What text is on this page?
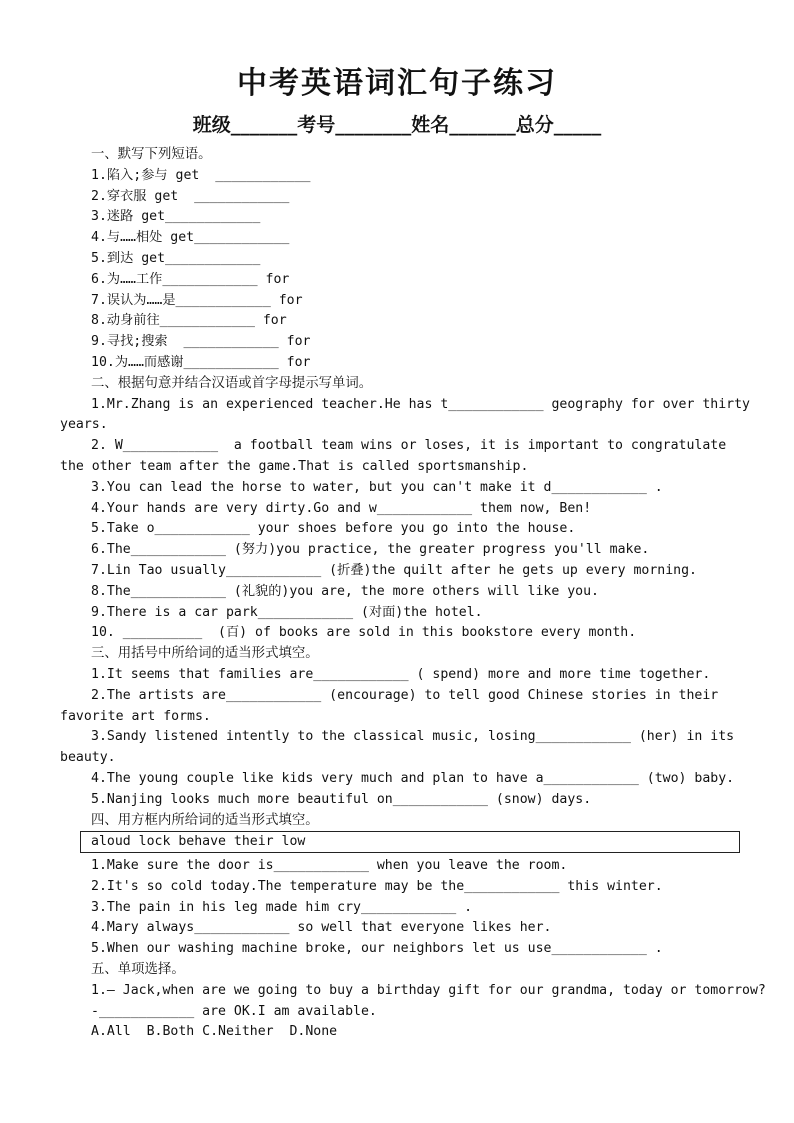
中考英语词汇句子练习
班级_______考号________姓名_______总分_____
一、默写下列短语。
1.陷入;参与 get  ____________
2.穿衣服 get  ____________
3.迷路 get____________
4.与……相处 get____________
5.到达 get____________
6.为……工作____________ for
7.误认为……是____________ for
8.动身前往____________ for
9.寻找;搜索  ____________ for
10.为……而感谢____________ for
二、根据句意并结合汉语或首字母提示写单词。
1.Mr.Zhang is an experienced teacher.He has t____________ geography for over thirty
years.
2. W____________  a football team wins or loses, it is important to congratulate
the other team after the game.That is called sportsmanship.
3.You can lead the horse to water, but you can't make it d____________ .
4.Your hands are very dirty.Go and w____________ them now, Ben!
5.Take o____________ your shoes before you go into the house.
6.The____________ (努力)you practice, the greater progress you'll make.
7.Lin Tao usually____________ (折叠)the quilt after he gets up every morning.
8.The____________ (礼貌的)you are, the more others will like you.
9.There is a car park____________ (对面)the hotel.
10. __________  (百) of books are sold in this bookstore every month.
三、用括号中所给词的适当形式填空。
1.It seems that families are____________ ( spend) more and more time together.
2.The artists are____________ (encourage) to tell good Chinese stories in their
favorite art forms.
3.Sandy listened intently to the classical music, losing____________ (her) in its
beauty.
4.The young couple like kids very much and plan to have a____________ (two) baby.
5.Nanjing looks much more beautiful on____________ (snow) days.
四、用方框内所给词的适当形式填空。
aloud lock behave their low
1.Make sure the door is____________ when you leave the room.
2.It's so cold today.The temperature may be the____________ this winter.
3.The pain in his leg made him cry____________ .
4.Mary always____________ so well that everyone likes her.
5.When our washing machine broke, our neighbors let us use____________ .
五、单项选择。
1.— Jack,when are we going to buy a birthday gift for our grandma, today or tomorrow?
-____________ are OK.I am available.
A.All  B.Both C.Neither  D.None
